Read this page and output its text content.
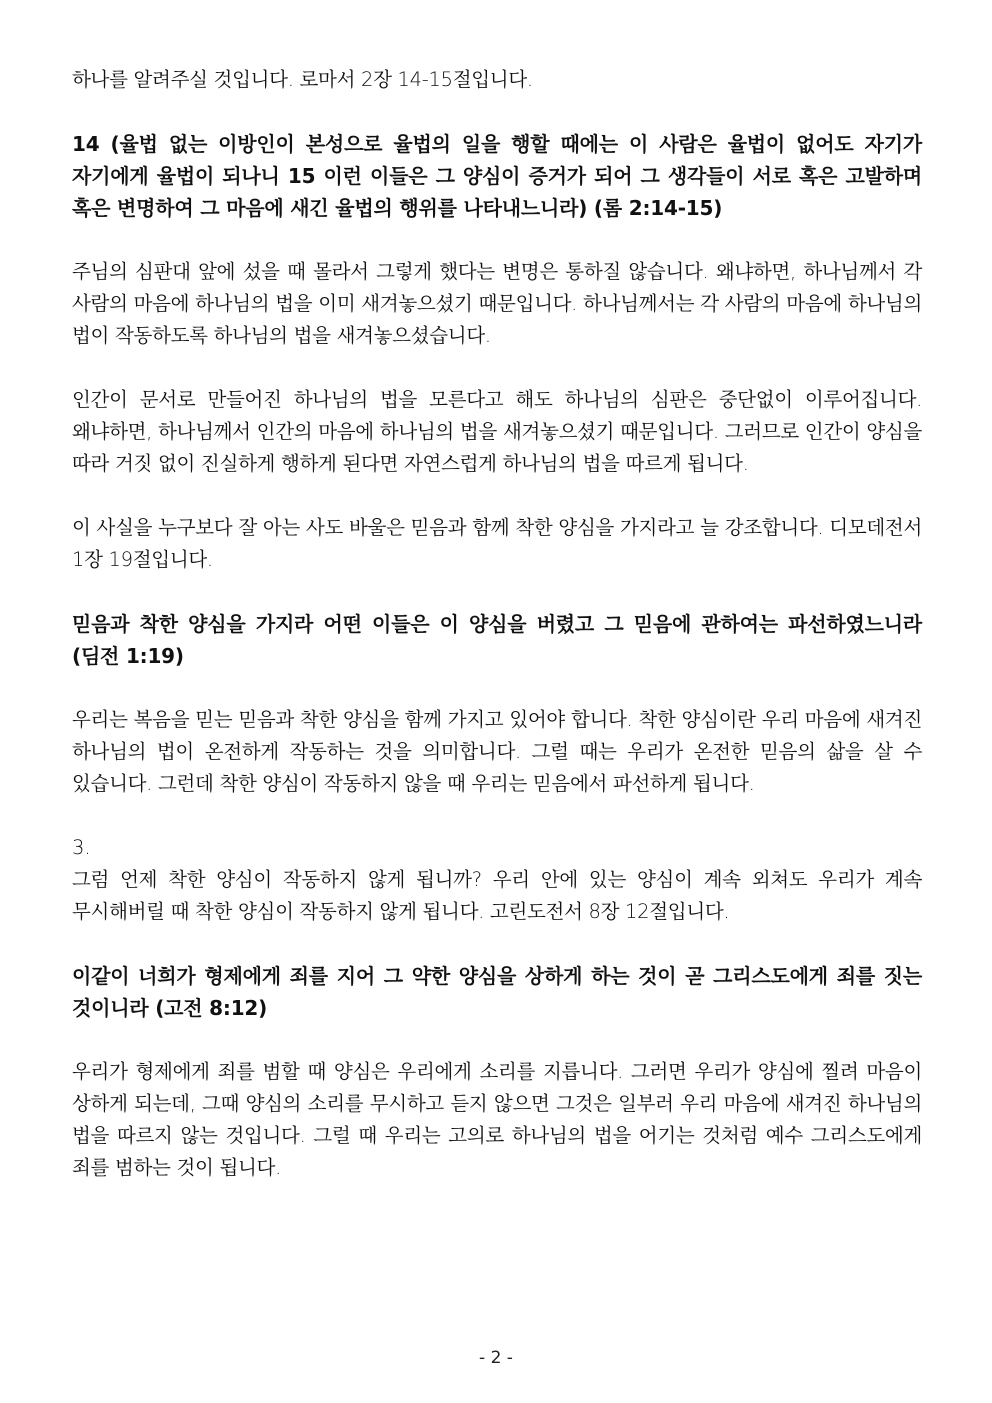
하나를 알려주실 것입니다. 로마서 2장 14-15절입니다.

14 (율법 없는 이방인이 본성으로 율법의 일을 행할 때에는 이 사람은 율법이 없어도 자기가 자기에게 율법이 되나니 15 이런 이들은 그 양심이 증거가 되어 그 생각들이 서로 혹은 고발하며 혹은 변명하여 그 마음에 새긴 율법의 행위를 나타내느니라) (롬 2:14-15)

주님의 심판대 앞에 섰을 때 몰라서 그렇게 했다는 변명은 통하질 않습니다. 왜냐하면, 하나님께서 각 사람의 마음에 하나님의 법을 이미 새겨놓으셨기 때문입니다. 하나님께서는 각 사람의 마음에 하나님의 법이 작동하도록 하나님의 법을 새겨놓으셨습니다.

인간이 문서로 만들어진 하나님의 법을 모른다고 해도 하나님의 심판은 중단없이 이루어집니다. 왜냐하면, 하나님께서 인간의 마음에 하나님의 법을 새겨놓으셨기 때문입니다. 그러므로 인간이 양심을 따라 거짓 없이 진실하게 행하게 된다면 자연스럽게 하나님의 법을 따르게 됩니다.

이 사실을 누구보다 잘 아는 사도 바울은 믿음과 함께 착한 양심을 가지라고 늘 강조합니다. 디모데전서 1장 19절입니다.

믿음과 착한 양심을 가지라 어떤 이들은 이 양심을 버렸고 그 믿음에 관하여는 파선하였느니라 (딤전 1:19)

우리는 복음을 믿는 믿음과 착한 양심을 함께 가지고 있어야 합니다. 착한 양심이란 우리 마음에 새겨진 하나님의 법이 온전하게 작동하는 것을 의미합니다. 그럴 때는 우리가 온전한 믿음의 삶을 살 수 있습니다. 그런데 착한 양심이 작동하지 않을 때 우리는 믿음에서 파선하게 됩니다.

3.

그럼 언제 착한 양심이 작동하지 않게 됩니까? 우리 안에 있는 양심이 계속 외쳐도 우리가 계속 무시해버릴 때 착한 양심이 작동하지 않게 됩니다. 고린도전서 8장 12절입니다.

이같이 너희가 형제에게 죄를 지어 그 약한 양심을 상하게 하는 것이 곧 그리스도에게 죄를 짓는 것이니라 (고전 8:12)

우리가 형제에게 죄를 범할 때 양심은 우리에게 소리를 지릅니다. 그러면 우리가 양심에 찔려 마음이 상하게 되는데, 그때 양심의 소리를 무시하고 듣지 않으면 그것은 일부러 우리 마음에 새겨진 하나님의 법을 따르지 않는 것입니다. 그럴 때 우리는 고의로 하나님의 법을 어기는 것처럼 예수 그리스도에게 죄를 범하는 것이 됩니다.

- 2 -
